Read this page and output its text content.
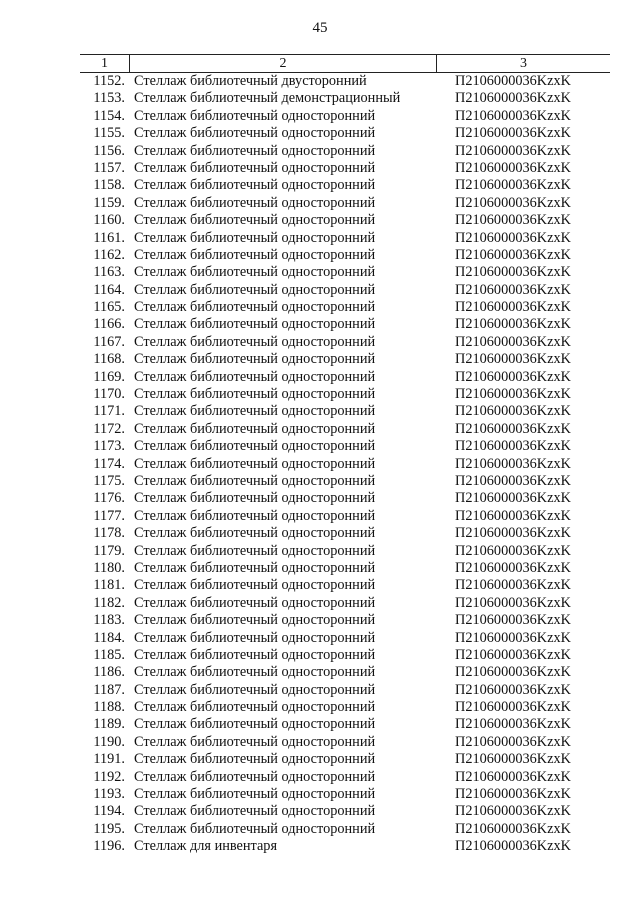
45
1	2	3
1152. Стеллаж библиотечный двусторонний	П2106000036KzxK
1153. Стеллаж библиотечный демонстрационный	П2106000036KzxK
1154. Стеллаж библиотечный односторонний	П2106000036KzxK
1155. Стеллаж библиотечный односторонний	П2106000036KzxK
1156. Стеллаж библиотечный односторонний	П2106000036KzxK
1157. Стеллаж библиотечный односторонний	П2106000036KzxK
1158. Стеллаж библиотечный односторонний	П2106000036KzxK
1159. Стеллаж библиотечный односторонний	П2106000036KzxK
1160. Стеллаж библиотечный односторонний	П2106000036KzxK
1161. Стеллаж библиотечный односторонний	П2106000036KzxK
1162. Стеллаж библиотечный односторонний	П2106000036KzxK
1163. Стеллаж библиотечный односторонний	П2106000036KzxK
1164. Стеллаж библиотечный односторонний	П2106000036KzxK
1165. Стеллаж библиотечный односторонний	П2106000036KzxK
1166. Стеллаж библиотечный односторонний	П2106000036KzxK
1167. Стеллаж библиотечный односторонний	П2106000036KzxK
1168. Стеллаж библиотечный односторонний	П2106000036KzxK
1169. Стеллаж библиотечный односторонний	П2106000036KzxK
1170. Стеллаж библиотечный односторонний	П2106000036KzxK
1171. Стеллаж библиотечный односторонний	П2106000036KzxK
1172. Стеллаж библиотечный односторонний	П2106000036KzxK
1173. Стеллаж библиотечный односторонний	П2106000036KzxK
1174. Стеллаж библиотечный односторонний	П2106000036KzxK
1175. Стеллаж библиотечный односторонний	П2106000036KzxK
1176. Стеллаж библиотечный односторонний	П2106000036KzxK
1177. Стеллаж библиотечный односторонний	П2106000036KzxK
1178. Стеллаж библиотечный односторонний	П2106000036KzxK
1179. Стеллаж библиотечный односторонний	П2106000036KzxK
1180. Стеллаж библиотечный односторонний	П2106000036KzxK
1181. Стеллаж библиотечный односторонний	П2106000036KzxK
1182. Стеллаж библиотечный односторонний	П2106000036KzxK
1183. Стеллаж библиотечный односторонний	П2106000036KzxK
1184. Стеллаж библиотечный односторонний	П2106000036KzxK
1185. Стеллаж библиотечный односторонний	П2106000036KzxK
1186. Стеллаж библиотечный односторонний	П2106000036KzxK
1187. Стеллаж библиотечный односторонний	П2106000036KzxK
1188. Стеллаж библиотечный односторонний	П2106000036KzxK
1189. Стеллаж библиотечный односторонний	П2106000036KzxK
1190. Стеллаж библиотечный односторонний	П2106000036KzxK
1191. Стеллаж библиотечный односторонний	П2106000036KzxK
1192. Стеллаж библиотечный односторонний	П2106000036KzxK
1193. Стеллаж библиотечный односторонний	П2106000036KzxK
1194. Стеллаж библиотечный односторонний	П2106000036KzxK
1195. Стеллаж библиотечный односторонний	П2106000036KzxK
1196. Стеллаж для инвентаря	П2106000036KzxK
